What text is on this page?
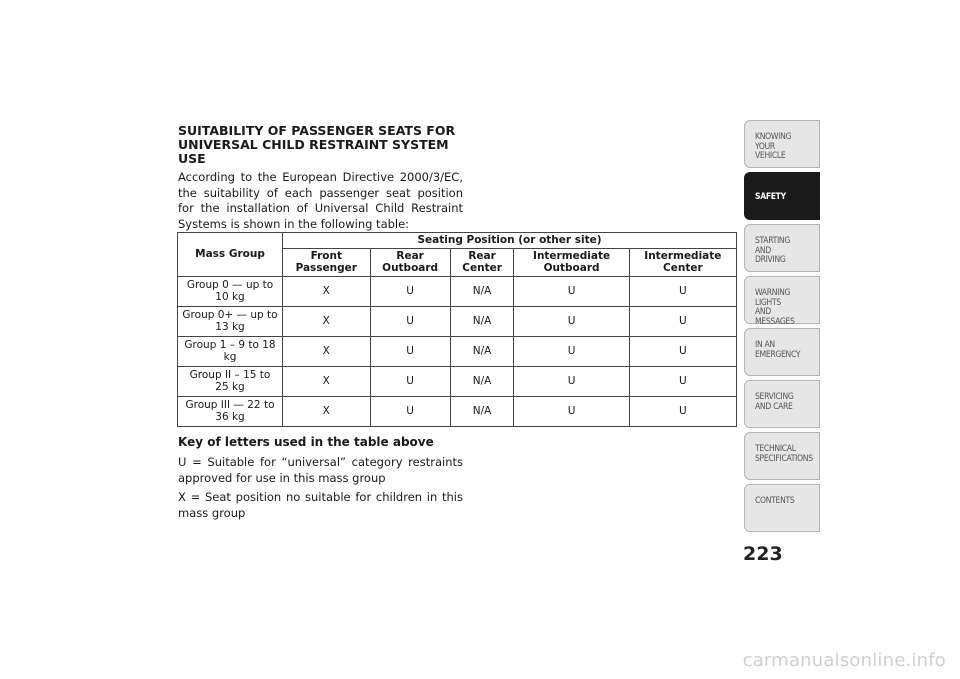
SUITABILITY OF PASSENGER SEATS FOR UNIVERSAL CHILD RESTRAINT SYSTEM USE
According to the European Directive 2000/3/EC, the suitability of each passenger seat position for the installation of Universal Child Restraint Systems is shown in the following table:
Mass Group	Seating Position (or other site)				
	Front Passenger	Rear Outboard	Rear Center	Intermediate Outboard	Intermediate Center
Group 0 — up to 10 kg	X	U	N/A	U	U
Group 0+ — up to 13 kg	X	U	N/A	U	U
Group 1 – 9 to 18 kg	X	U	N/A	U	U
Group II – 15 to 25 kg	X	U	N/A	U	U
Group III — 22 to 36 kg	X	U	N/A	U	U
Key of letters used in the table above
U = Suitable for “universal” category restraints approved for use in this mass group
X = Seat position no suitable for children in this mass group
KNOWING
YOUR
VEHICLE
SAFETY
STARTING
AND
DRIVING
WARNING
LIGHTS
AND
MESSAGES
IN AN
EMERGENCY
SERVICING
AND CARE
TECHNICAL
SPECIFICATIONS
CONTENTS
223
carmanualsonline.info
